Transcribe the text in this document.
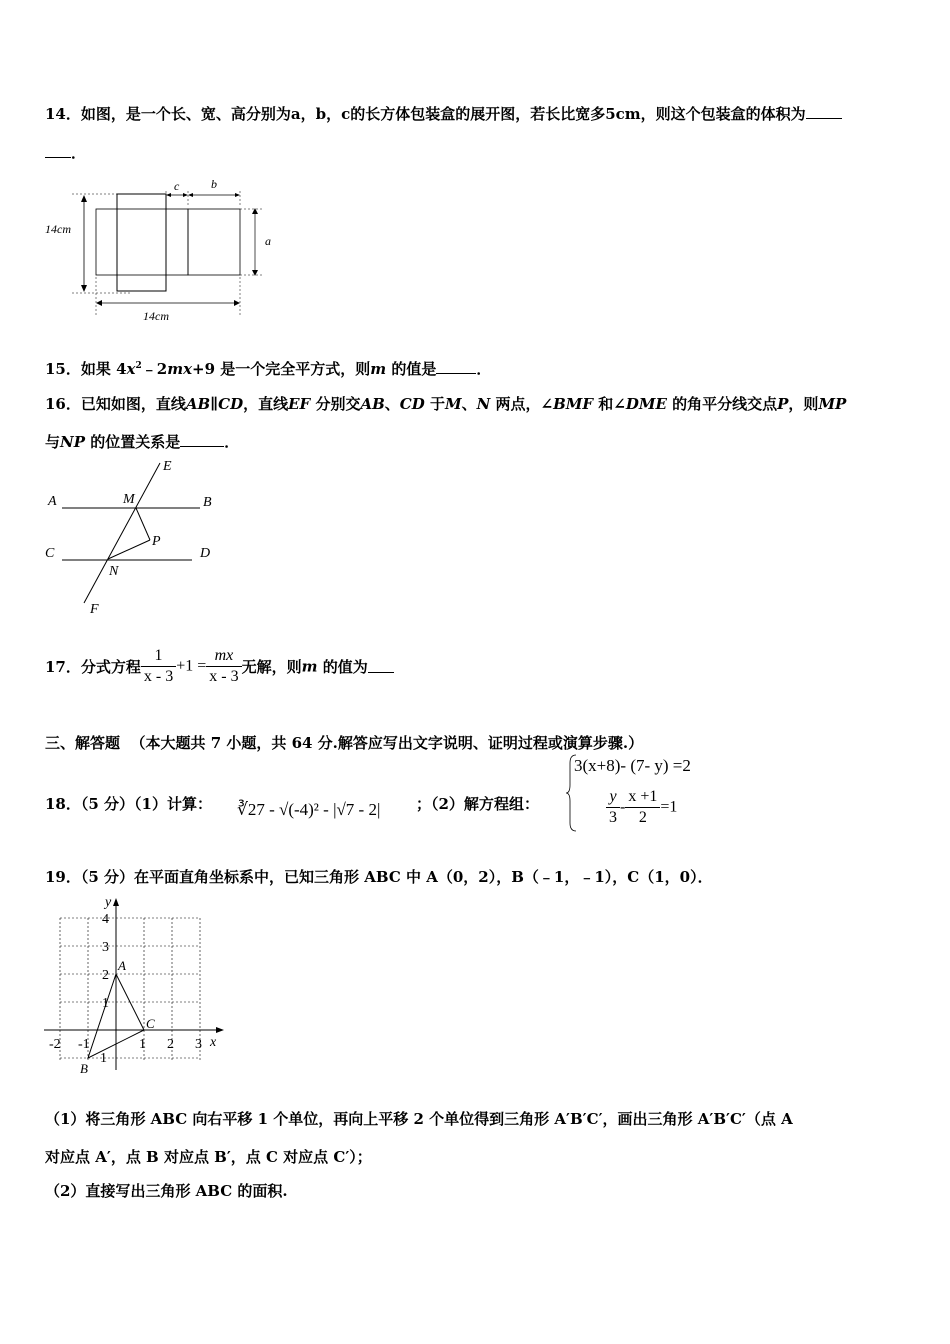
14．如图，是一个长、宽、高分别为a，b，c的长方体包装盒的展开图，若长比宽多5cm，则这个包装盒的体积为
．
14cm
c	b
a
14cm
15．如果 $4x^2﹣2mx+9$ 是一个完全平方式，则m 的值是	．
16．已知如图，直线AB∥CD，直线EF 分别交AB、CD 于M、N 两点，∠BMF 和∠DME 的角平分线交点P，则MP
与NP 的位置关系是	．
A	B
C	D
E
F
M
N
P
17．分式方程 $\frac{1}{x - 3} +1 = \frac{mx}{x - 3}$ 无解，则m 的值为
三、解答题 （本大题共 7 小题，共 64 分.解答应写出文字说明、证明过程或演算步骤.）
18．（5 分）（1）计算： ∛27 - √(-4)² - |√7 - 2| ；（2）解方程组：
3(x+8)- (7- y) =2
$\frac{y}{3} - \frac{x +1}{2} =1$
19．（5 分）在平面直角坐标系中，已知三角形 ABC 中 A（0，2），B（﹣1，﹣1），C（1，0）．
-2 -1	1 2 3
1
2
3
4
1
x
y
A
B
C
（1）将三角形 ABC 向右平移 1 个单位，再向上平移 2 个单位得到三角形 A′B′C′，画出三角形 A′B′C′（点 A
对应点 A′，点 B 对应点 B′，点 C 对应点 C′）；
（2）直接写出三角形 ABC 的面积.
